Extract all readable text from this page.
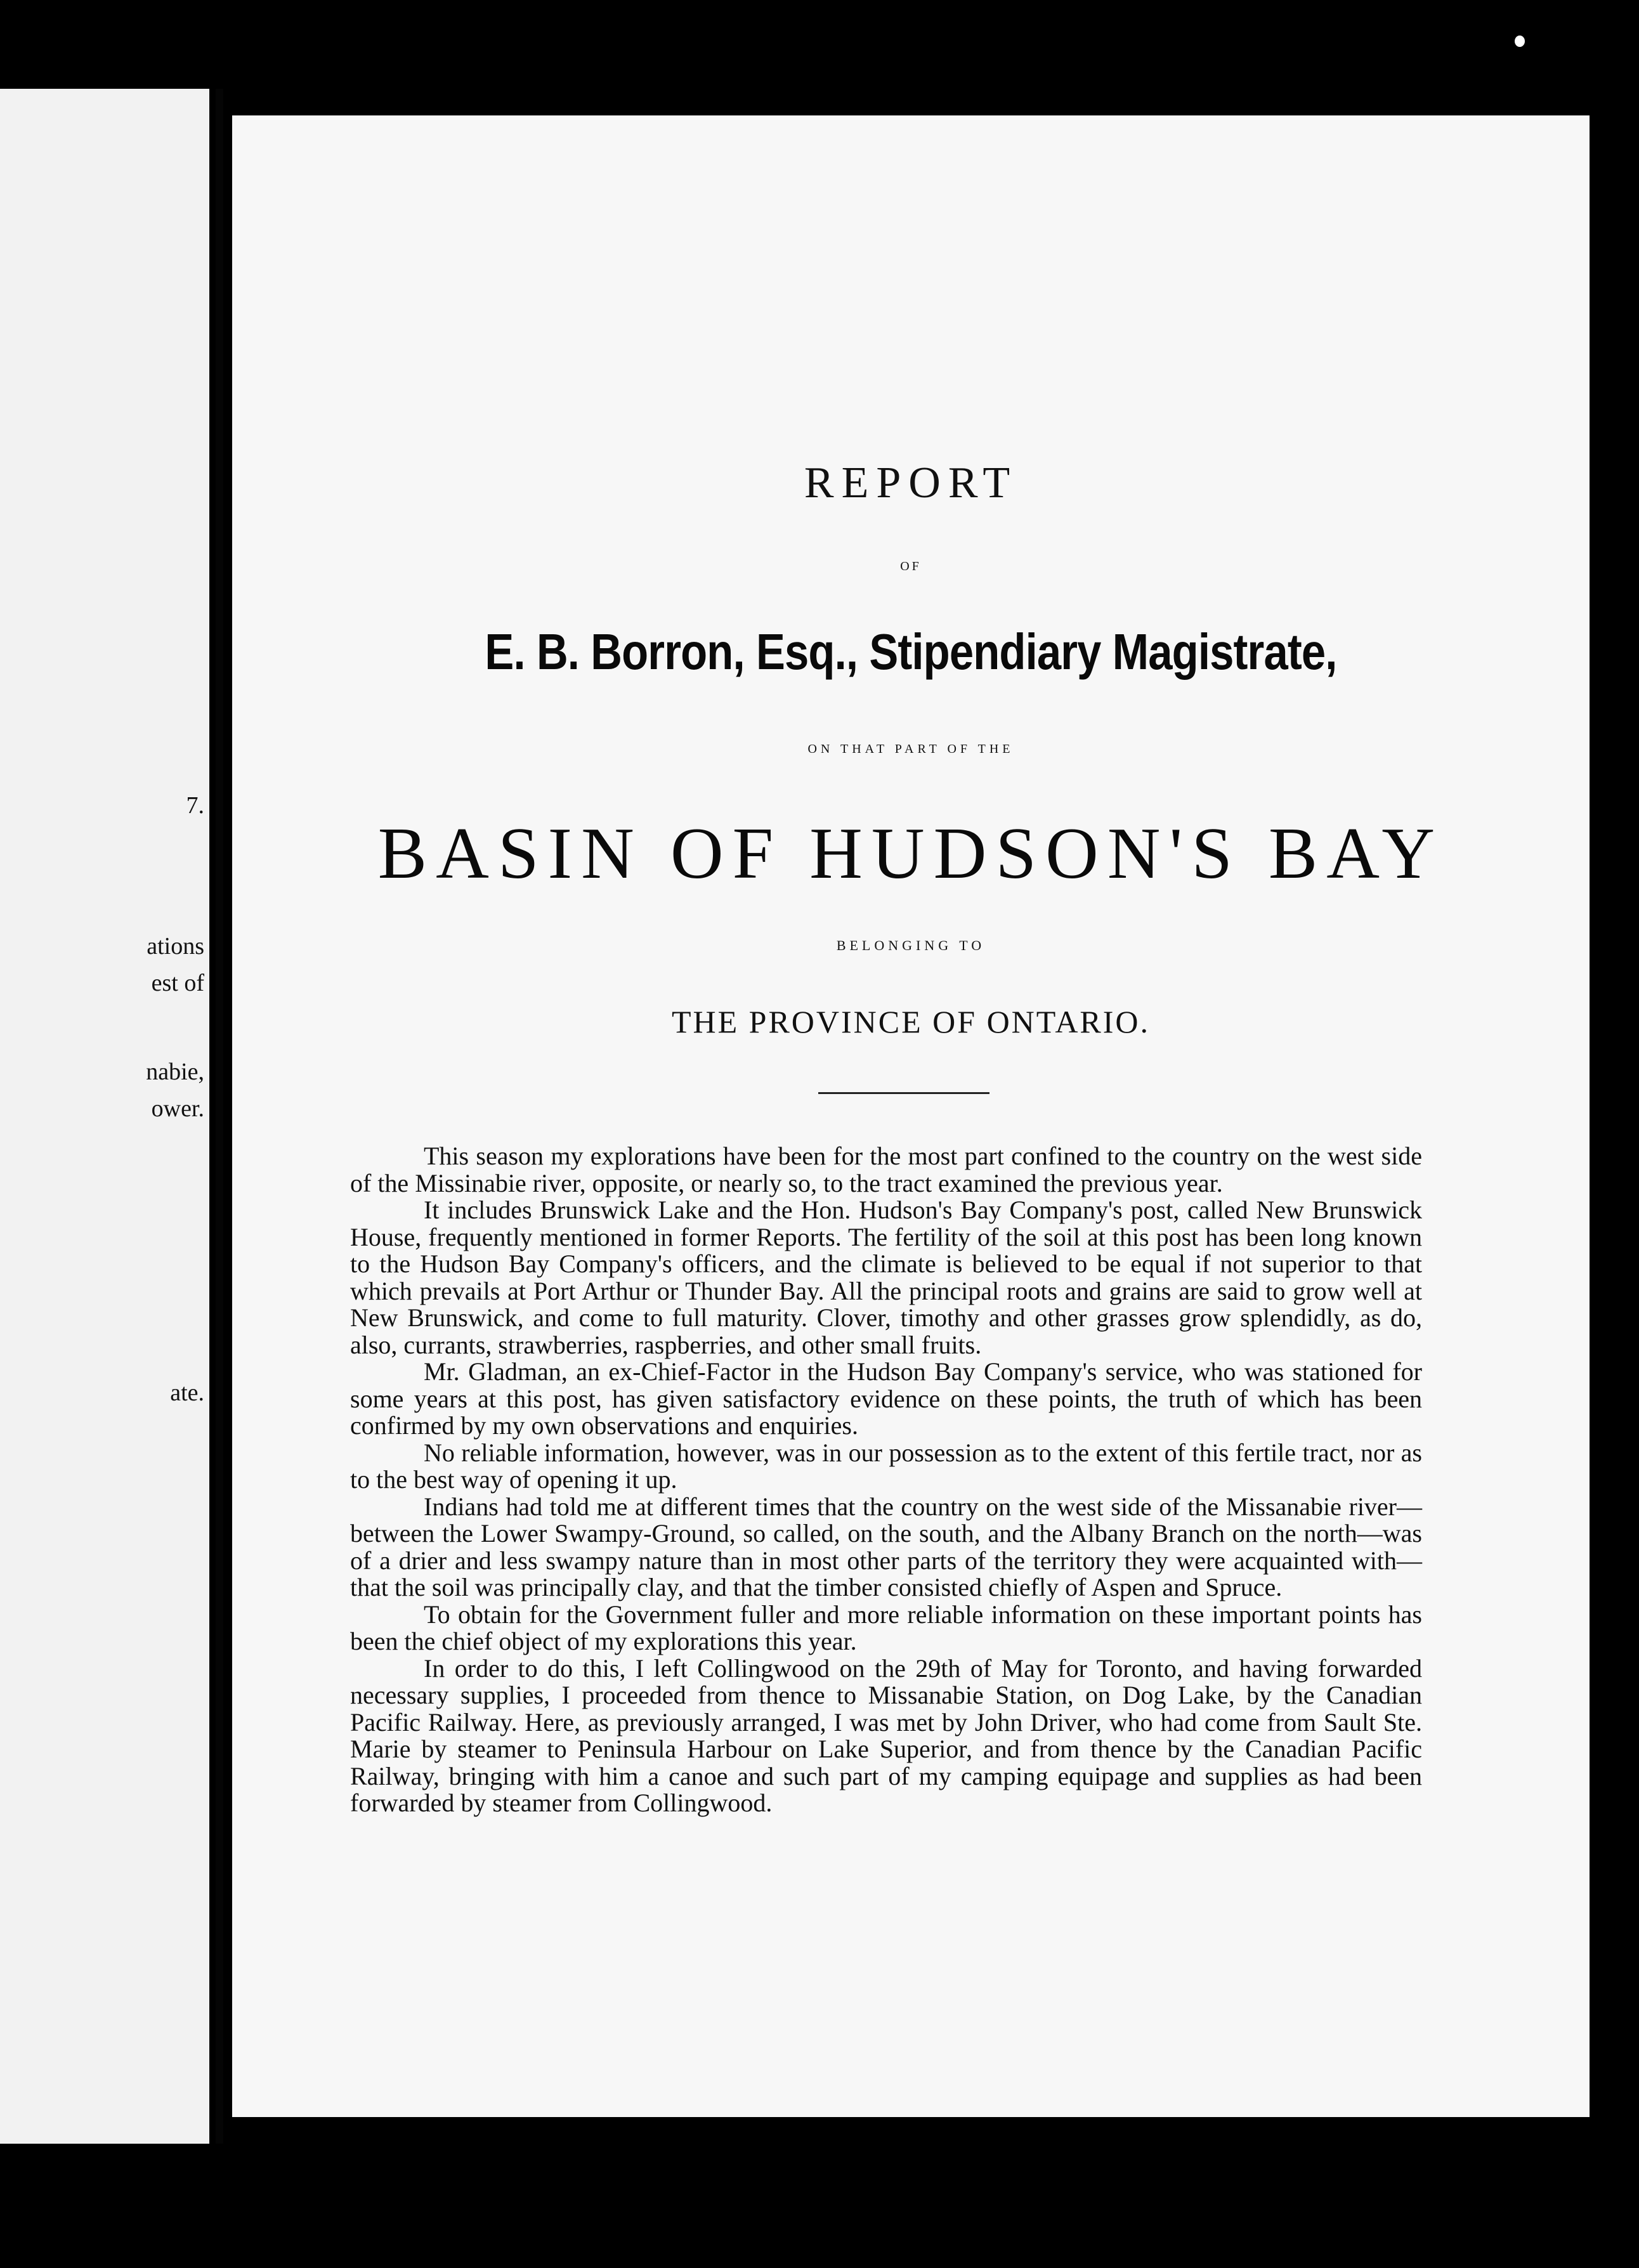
7.
ations
est of
nabie,
ower.
ate.
REPORT
OF
E. B. Borron, Esq., Stipendiary Magistrate,
ON THAT PART OF THE
BASIN OF HUDSON'S BAY
BELONGING TO
THE PROVINCE OF ONTARIO.

This season my explorations have been for the most part confined to the country on the west side of the Missinabie river, opposite, or nearly so, to the tract examined the previous year.

It includes Brunswick Lake and the Hon. Hudson's Bay Company's post, called New Brunswick House, frequently mentioned in former Reports. The fertility of the soil at this post has been long known to the Hudson Bay Company's officers, and the climate is believed to be equal if not superior to that which prevails at Port Arthur or Thunder Bay. All the principal roots and grains are said to grow well at New Brunswick, and come to full maturity. Clover, timothy and other grasses grow splendidly, as do, also, currants, strawberries, raspberries, and other small fruits.

Mr. Gladman, an ex-Chief-Factor in the Hudson Bay Company's service, who was stationed for some years at this post, has given satisfactory evidence on these points, the truth of which has been confirmed by my own observations and enquiries.

No reliable information, however, was in our possession as to the extent of this fertile tract, nor as to the best way of opening it up.

Indians had told me at different times that the country on the west side of the Missanabie river—between the Lower Swampy-Ground, so called, on the south, and the Albany Branch on the north—was of a drier and less swampy nature than in most other parts of the territory they were acquainted with—that the soil was principally clay, and that the timber consisted chiefly of Aspen and Spruce.

To obtain for the Government fuller and more reliable information on these important points has been the chief object of my explorations this year.

In order to do this, I left Collingwood on the 29th of May for Toronto, and having forwarded necessary supplies, I proceeded from thence to Missanabie Station, on Dog Lake, by the Canadian Pacific Railway. Here, as previously arranged, I was met by John Driver, who had come from Sault Ste. Marie by steamer to Peninsula Harbour on Lake Superior, and from thence by the Canadian Pacific Railway, bringing with him a canoe and such part of my camping equipage and supplies as had been forwarded by steamer from Collingwood.
